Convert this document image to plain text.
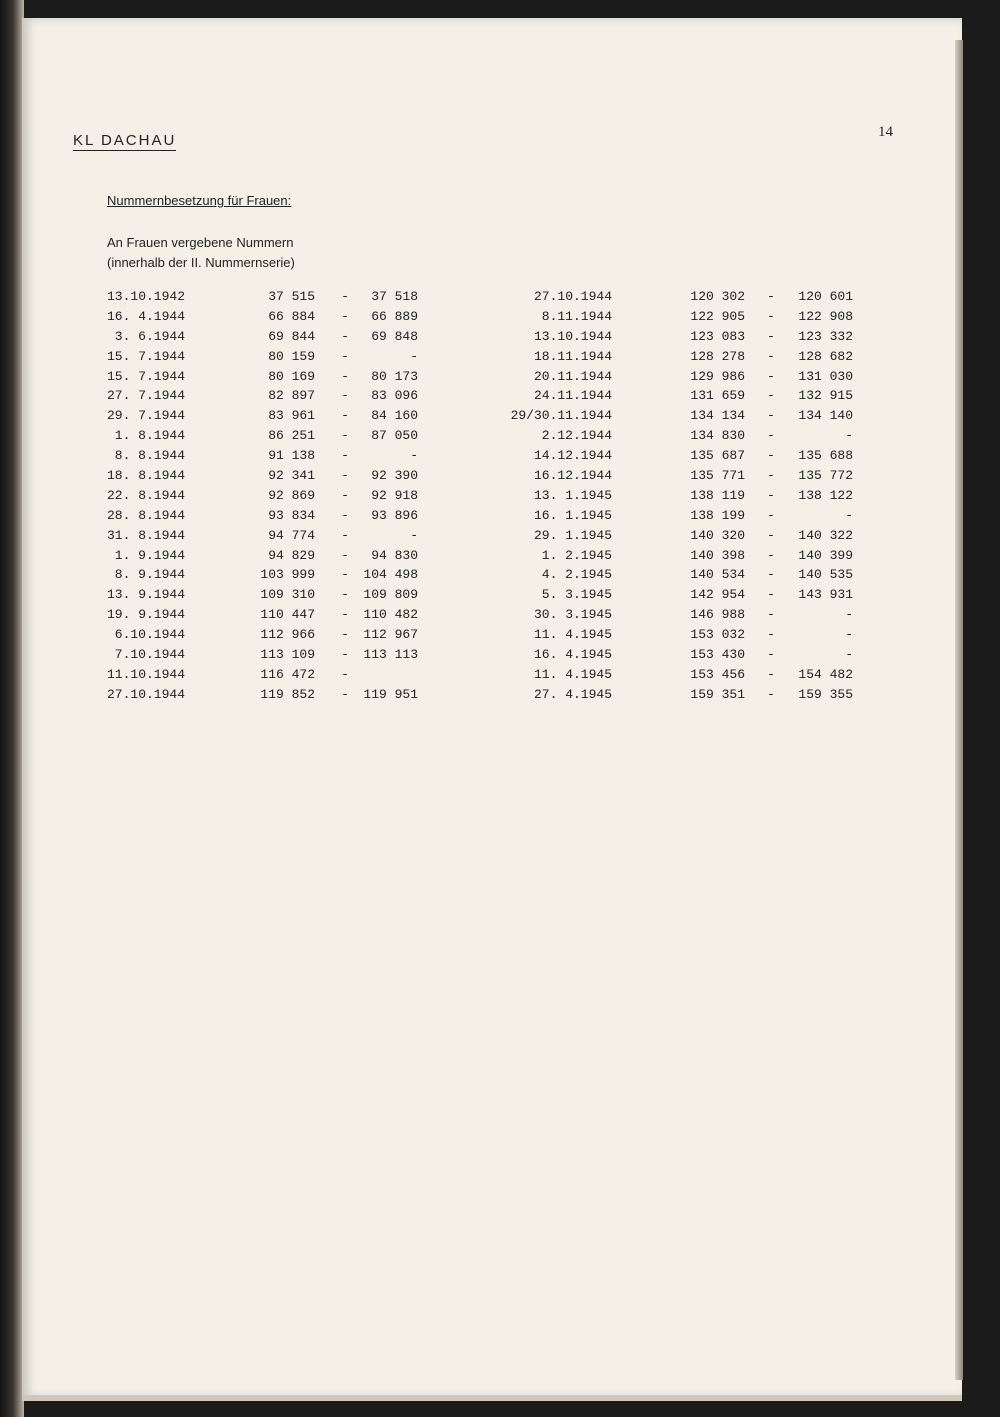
KL DACHAU	14
Nummernbesetzung für Frauen:
An Frauen vergebene Nummern
(innerhalb der II. Nummernserie)
13.10.1942	37 515 -	37 518
16. 4.1944	66 884 -	66 889
3. 6.1944	69 844 -	69 848
15. 7.1944	80 159 -	-
15. 7.1944	80 169 -	80 173
27. 7.1944	82 897 -	83 096
29. 7.1944	83 961 -	84 160
1. 8.1944	86 251 -	87 050
8. 8.1944	91 138 -	-
18. 8.1944	92 341 -	92 390
22. 8.1944	92 869 -	92 918
28. 8.1944	93 834 -	93 896
31. 8.1944	94 774 -	-
1. 9.1944	94 829 -	94 830
8. 9.1944	103 999 -	104 498
13. 9.1944	109 310 -	109 809
19. 9.1944	110 447 -	110 482
6.10.1944	112 966 -	112 967
7.10.1944	113 109 -	113 113
11.10.1944	116 472 -
27.10.1944	119 852 -	119 951
27.10.1944	120 302 -	120 601
8.11.1944	122 905 -	122 908
13.10.1944	123 083 -	123 332
18.11.1944	128 278 -	128 682
20.11.1944	129 986 -	131 030
24.11.1944	131 659 -	132 915
29/30.11.1944	134 134 -	134 140
2.12.1944	134 830 -	-
14.12.1944	135 687 -	135 688
16.12.1944	135 771 -	135 772
13. 1.1945	138 119 -	138 122
16. 1.1945	138 199 -	-
29. 1.1945	140 320 -	140 322
1. 2.1945	140 398 -	140 399
4. 2.1945	140 534 -	140 535
5. 3.1945	142 954 -	143 931
30. 3.1945	146 988 -	-
11. 4.1945	153 032 -	-
16. 4.1945	153 430 -	-
11. 4.1945	153 456 -	154 482
27. 4.1945	159 351 -	159 355
